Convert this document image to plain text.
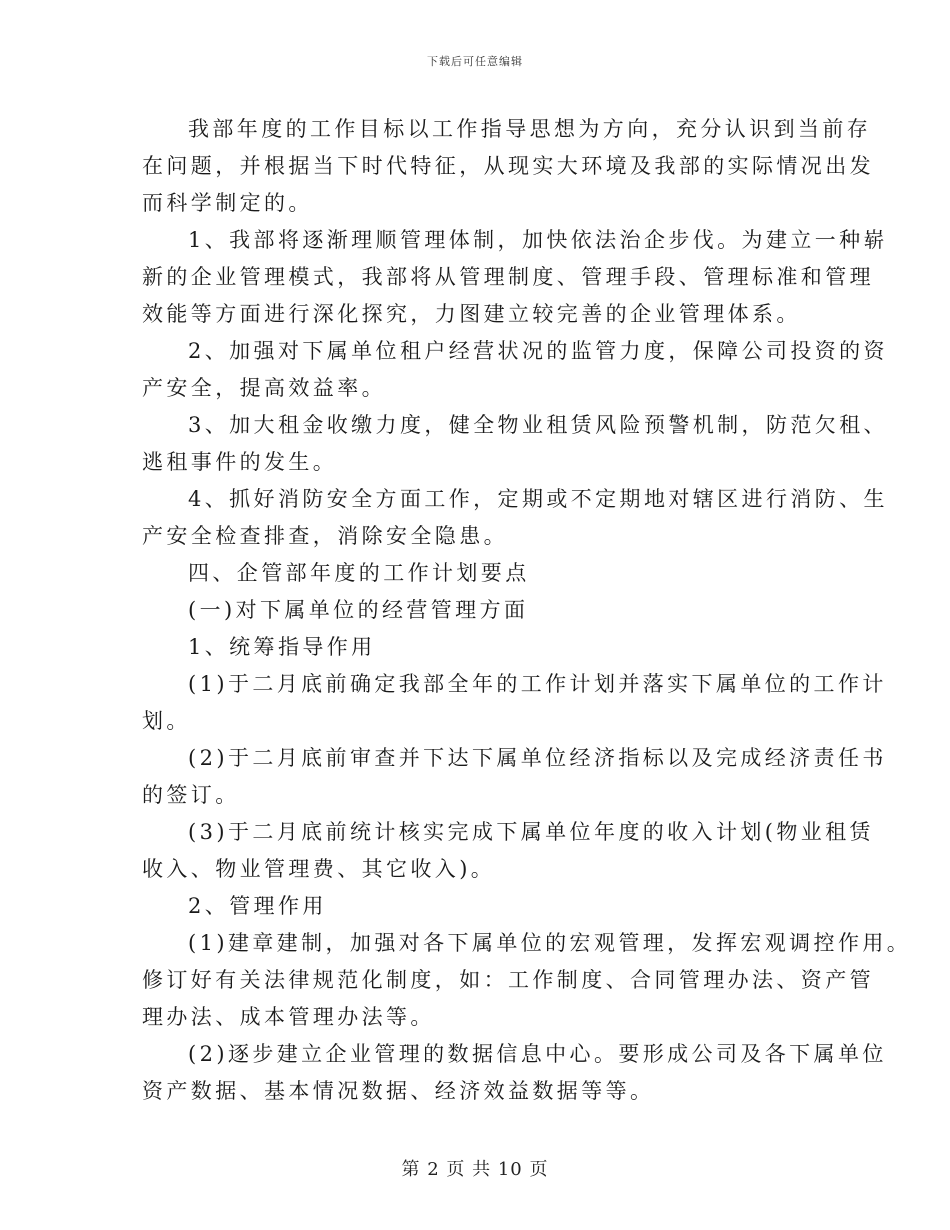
下载后可任意编辑
我部年度的工作目标以工作指导思想为方向，充分认识到当前存
在问题，并根据当下时代特征，从现实大环境及我部的实际情况出发
而科学制定的。
1、我部将逐渐理顺管理体制，加快依法治企步伐。为建立一种崭
新的企业管理模式，我部将从管理制度、管理手段、管理标准和管理
效能等方面进行深化探究，力图建立较完善的企业管理体系。
2、加强对下属单位租户经营状况的监管力度，保障公司投资的资
产安全，提高效益率。
3、加大租金收缴力度，健全物业租赁风险预警机制，防范欠租、
逃租事件的发生。
4、抓好消防安全方面工作，定期或不定期地对辖区进行消防、生
产安全检查排查，消除安全隐患。
四、企管部年度的工作计划要点
(一)对下属单位的经营管理方面
1、统筹指导作用
(1)于二月底前确定我部全年的工作计划并落实下属单位的工作计
划。
(2)于二月底前审查并下达下属单位经济指标以及完成经济责任书
的签订。
(3)于二月底前统计核实完成下属单位年度的收入计划(物业租赁
收入、物业管理费、其它收入)。
2、管理作用
(1)建章建制，加强对各下属单位的宏观管理，发挥宏观调控作用。
修订好有关法律规范化制度，如：工作制度、合同管理办法、资产管
理办法、成本管理办法等。
(2)逐步建立企业管理的数据信息中心。要形成公司及各下属单位
资产数据、基本情况数据、经济效益数据等等。
第 2 页 共 10 页
